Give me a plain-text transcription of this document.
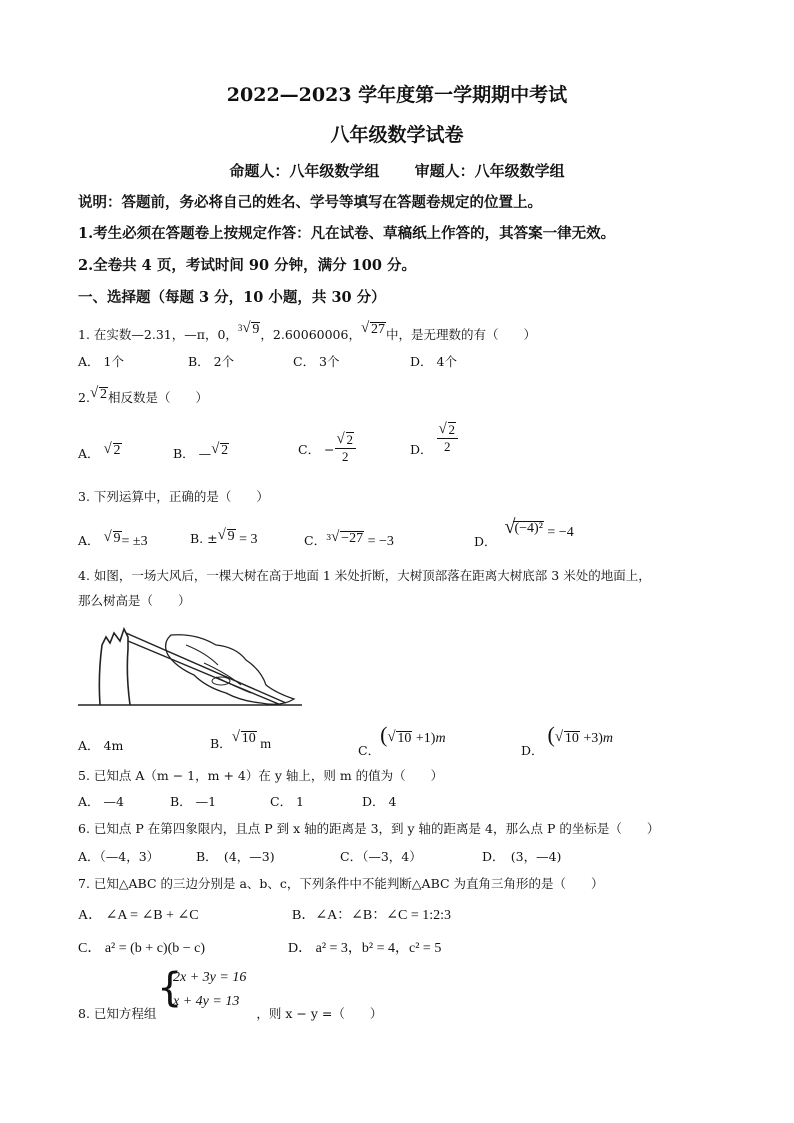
2022—2023 学年度第一学期期中考试
八年级数学试卷
命题人：八年级数学组　　 审题人：八年级数学组
说明：答题前，务必将自己的姓名、学号等填写在答题卷规定的位置上。
1.考生必须在答题卷上按规定作答：凡在试卷、草稿纸上作答的，其答案一律无效。
2.全卷共 4 页，考试时间 90 分钟，满分 100 分。
一、选择题（每题 3 分，10 小题，共 30 分）
1. 在实数—2.31，—π，0，$^3$ √ 9，2.60060006， √ 27中，是无理数的有（　　）
A． 1个	B． 2个	C． 3个	D． 4个
2. √ 2相反数是（　　）
A． √ 2	B． — √ 2	C． − $\frac{√ 2}{2}$	D． $\frac{√ 2}{2}$
3. 下列运算中，正确的是（　　）
A． √ 9= ±3	B. ± √ 9 = 3	C．$^3$ √ −27 = −3	D．
√ (−4)² = −4
4. 如图，一场大风后，一棵大树在高于地面 1 米处折断，大树顶部落在距离大树底部 3 米处的地面上，
那么树高是（　　）
A． 4m	B． √ 10 m	C．( √ 10 +1)m
D． ( √ 10 +3)m
5. 已知点 A（m − 1，m + 4）在 y 轴上，则 m 的值为（　　）
A． —4	B． —1	C． 1	D． 4
6. 已知点 P 在第四象限内，且点 P 到 x 轴的距离是 3，到 y 轴的距离是 4，那么点 P 的坐标是（　　）
A．（—4，3）	B．　(4，—3)	C．（—3，4）	D．　(3，—4)
7. 已知△ABC 的三边分别是 a、b、c，下列条件中不能判断△ABC 为直角三角形的是（　　）
A． ∠A = ∠B + ∠C	B．∠A：∠B：∠C = 1:2:3
C． a² = (b + c)(b − c)	D． a² = 3，b² = 4，c² = 5
{
2x + 3y = 16
x + 4y = 13
8. 已知方程组	，则 x − y =（　　）
